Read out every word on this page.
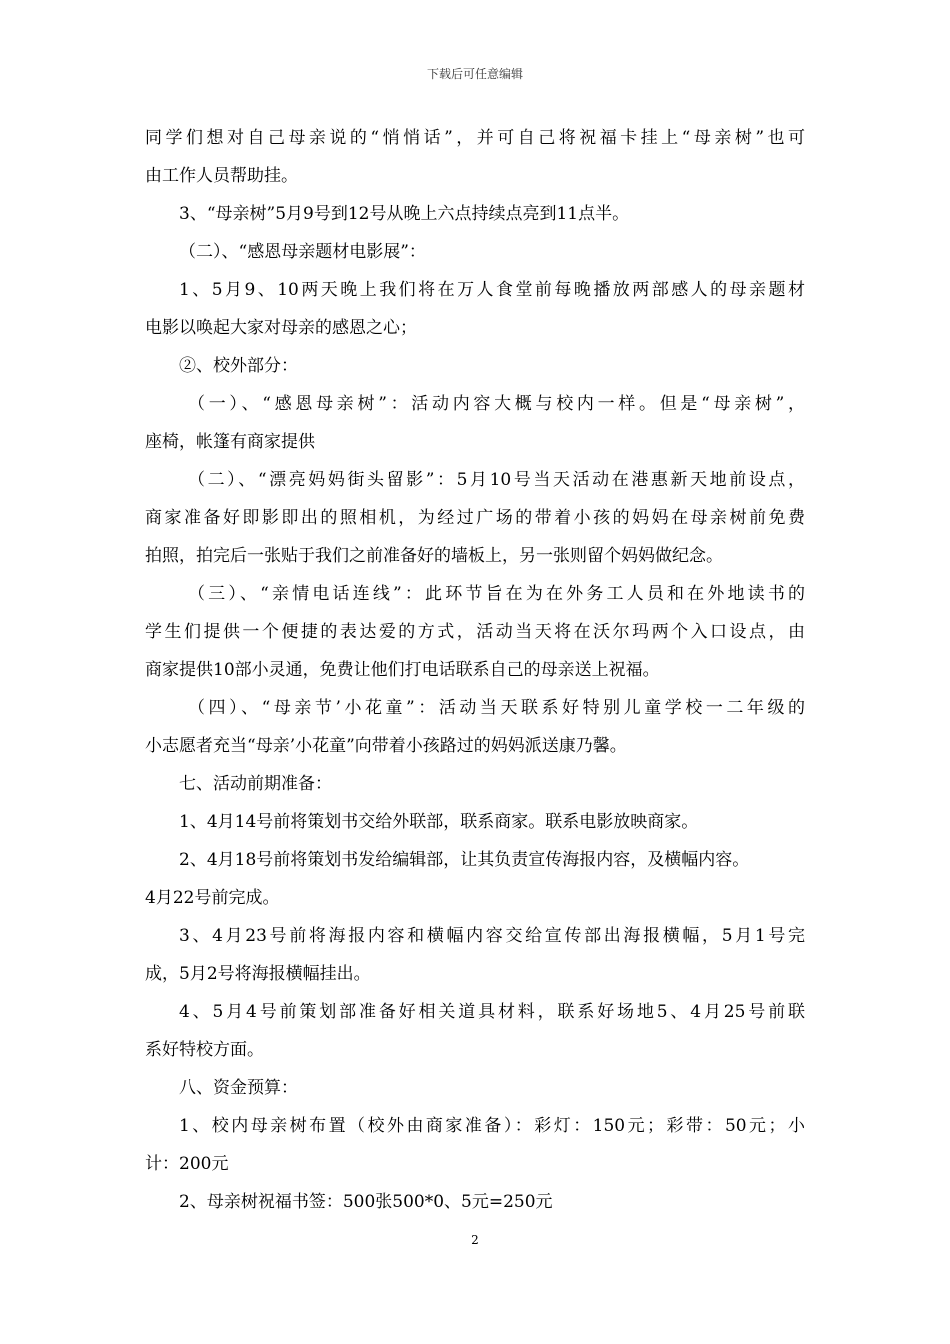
下载后可任意编辑
同学们想对自己母亲说的“悄悄话”，并可自己将祝福卡挂上“母亲树”也可
由工作人员帮助挂。
3、“母亲树”5月9号到12号从晚上六点持续点亮到11点半。
（二）、“感恩母亲题材电影展”：
1、5月9、10两天晚上我们将在万人食堂前每晚播放两部感人的母亲题材
电影以唤起大家对母亲的感恩之心；
②、校外部分：
（一）、“感恩母亲树”：活动内容大概与校内一样。但是“母亲树”，
座椅，帐篷有商家提供
（二）、“漂亮妈妈街头留影”：5月10号当天活动在港惠新天地前设点，
商家准备好即影即出的照相机，为经过广场的带着小孩的妈妈在母亲树前免费
拍照，拍完后一张贴于我们之前准备好的墙板上，另一张则留个妈妈做纪念。
（三）、“亲情电话连线”：此环节旨在为在外务工人员和在外地读书的
学生们提供一个便捷的表达爱的方式，活动当天将在沃尔玛两个入口设点，由
商家提供10部小灵通，免费让他们打电话联系自己的母亲送上祝福。
（四）、“母亲节’小花童”：活动当天联系好特别儿童学校一二年级的
小志愿者充当“母亲’小花童”向带着小孩路过的妈妈派送康乃馨。
七、活动前期准备：
1、4月14号前将策划书交给外联部，联系商家。联系电影放映商家。
2、4月18号前将策划书发给编辑部，让其负责宣传海报内容，及横幅内容。
4月22号前完成。
3、4月23号前将海报内容和横幅内容交给宣传部出海报横幅，5月1号完
成，5月2号将海报横幅挂出。
4、5月4号前策划部准备好相关道具材料，联系好场地5、4月25号前联
系好特校方面。
八、资金预算：
1、校内母亲树布置（校外由商家准备）：彩灯：150元；彩带：50元；小
计：200元
2、母亲树祝福书签：500张500*0、5元=250元
2
